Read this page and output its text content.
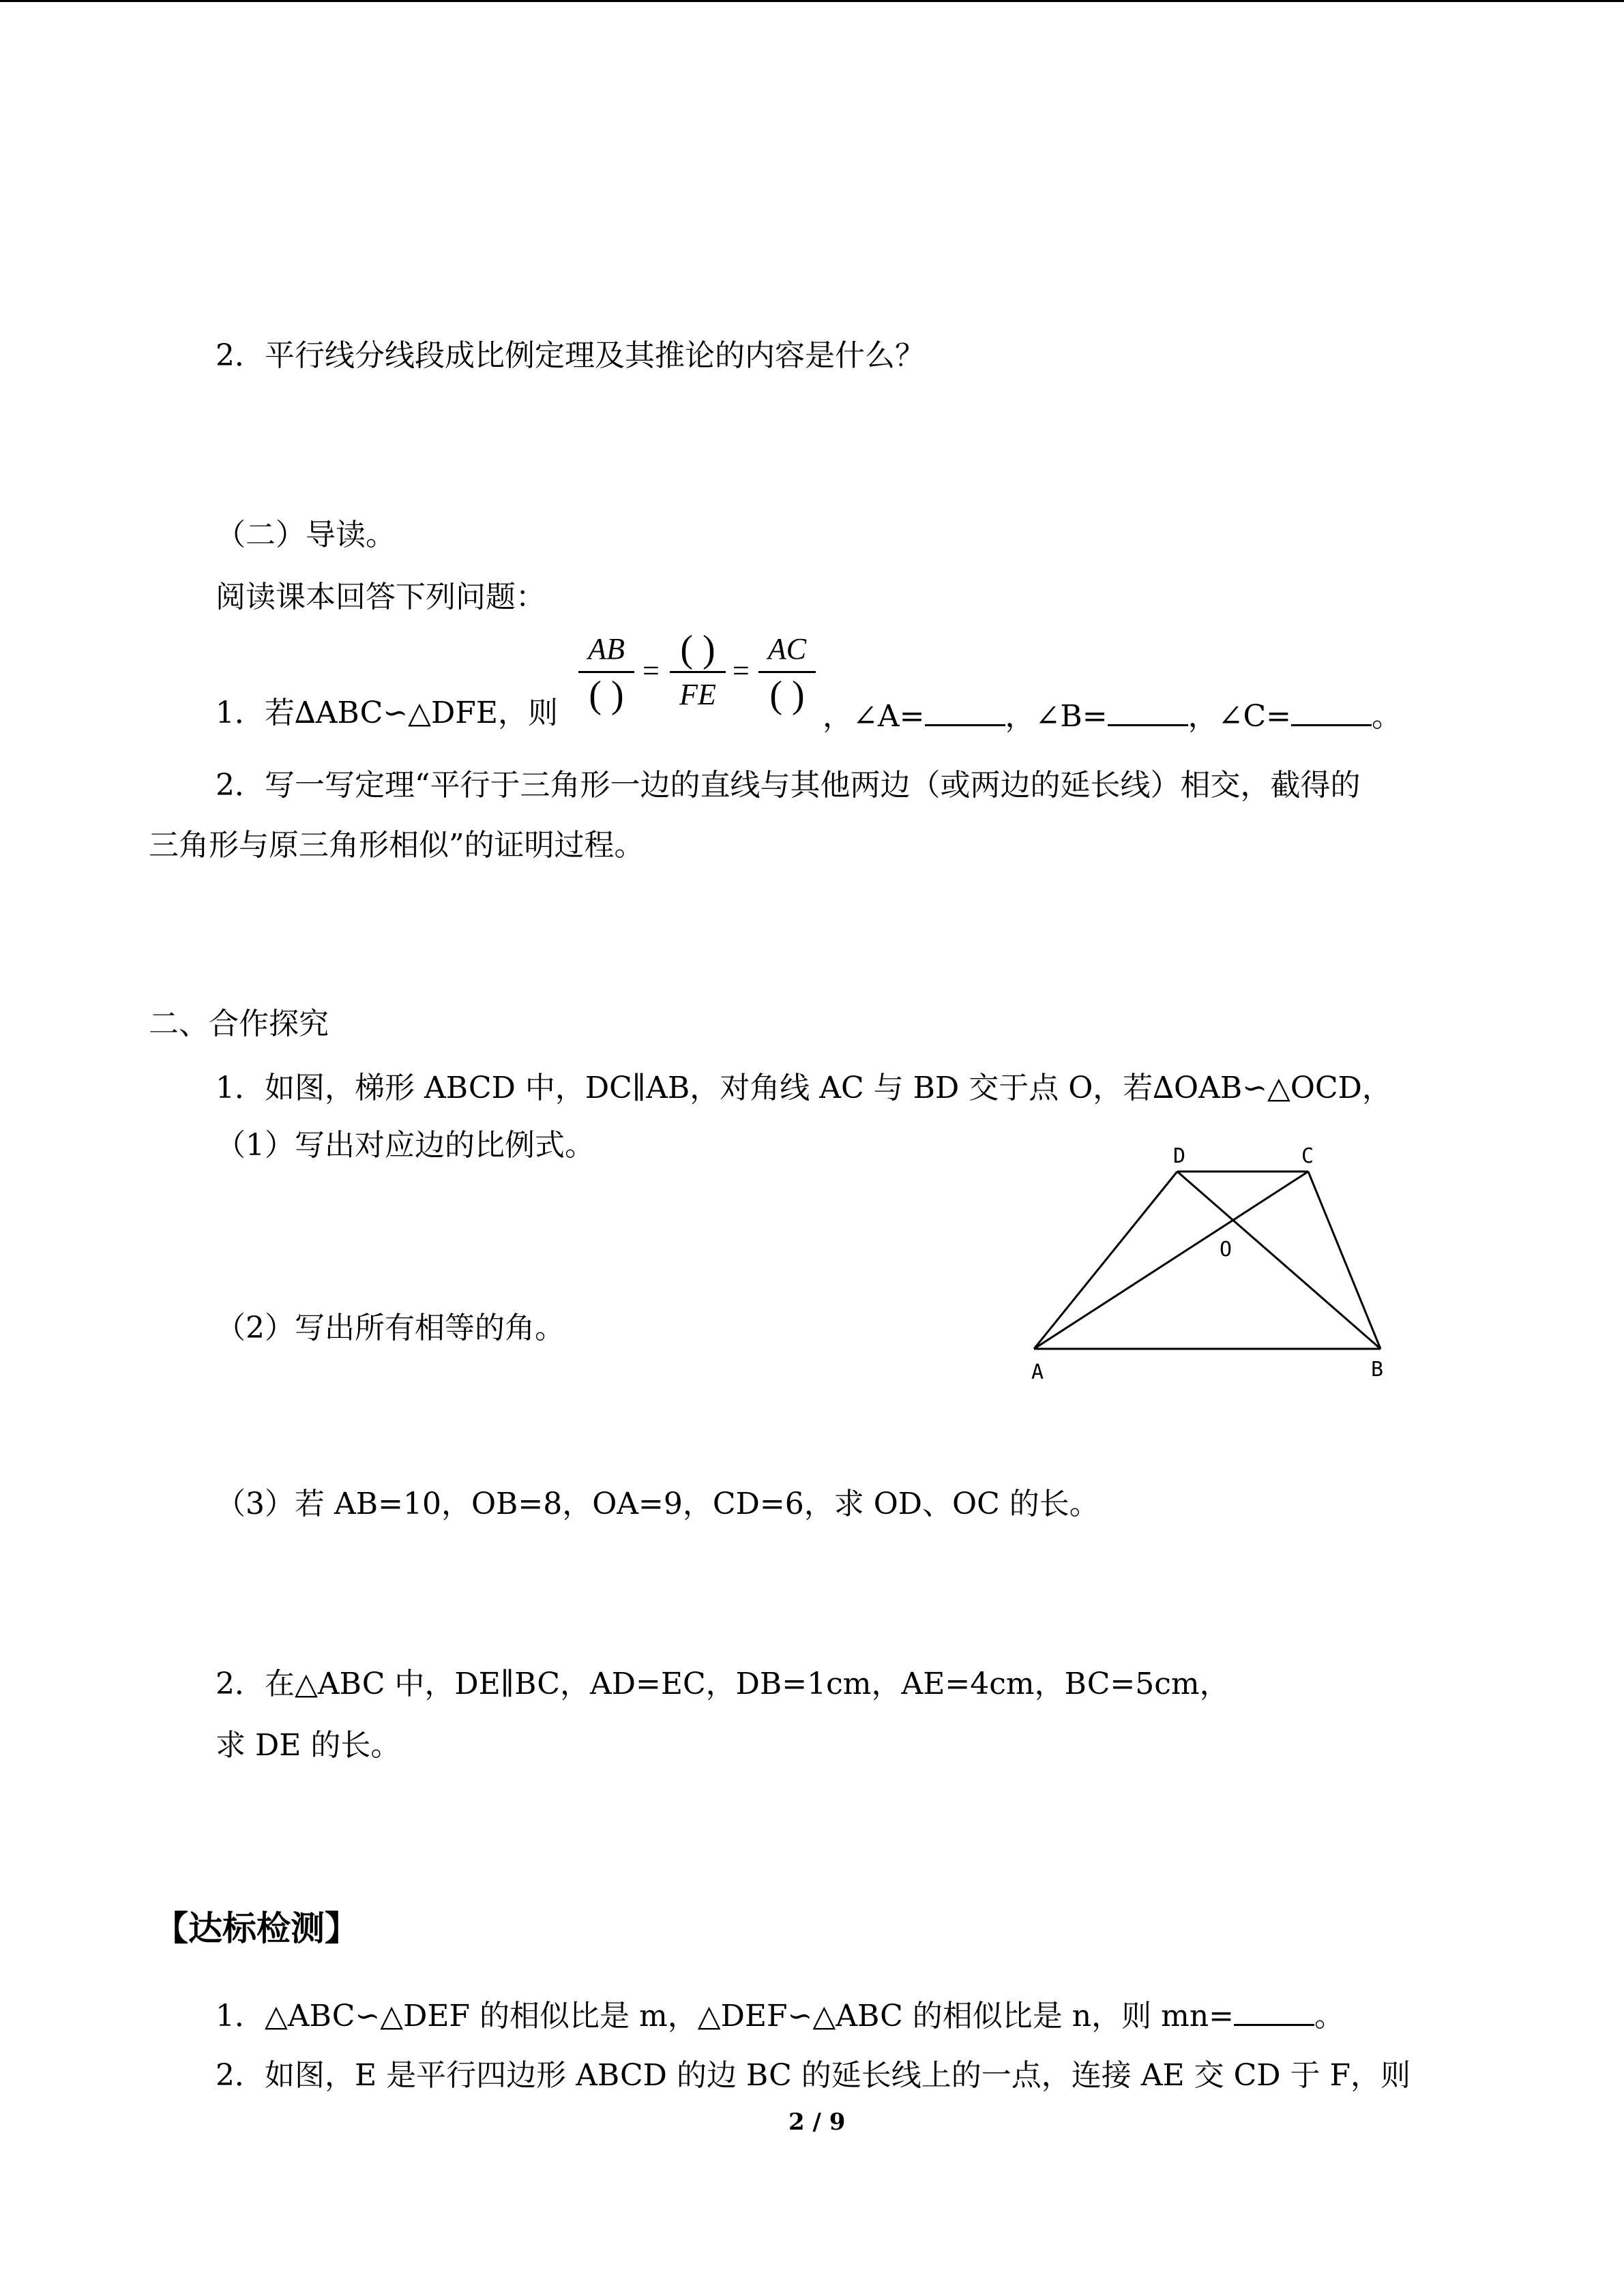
2．平行线分线段成比例定理及其推论的内容是什么？
（二）导读。
阅读课本回答下列问题：
1．若∆ABC∽△DFE，则
AB
( )
=
( )
FE
=
AC
( )
，∠A=	，∠B=	，∠C=	。
2．写一写定理“平行于三角形一边的直线与其他两边（或两边的延长线）相交，截得的
三角形与原三角形相似”的证明过程。
二、合作探究
1．如图，梯形 ABCD 中，DC∥AB，对角线 AC 与 BD 交于点 O，若∆OAB∽△OCD，
（1）写出对应边的比例式。	D	C
O
A	B
（2）写出所有相等的角。
（3）若 AB=10，OB=8，OA=9，CD=6，求 OD、OC 的长。
2．在△ABC 中，DE∥BC，AD=EC，DB=1cm，AE=4cm，BC=5cm，
求 DE 的长。
【达标检测】
1．△ABC∽△DEF 的相似比是 m，△DEF∽△ABC 的相似比是 n，则 mn=	。
2．如图，E 是平行四边形 ABCD 的边 BC 的延长线上的一点，连接 AE 交 CD 于 F，则
2 / 9
